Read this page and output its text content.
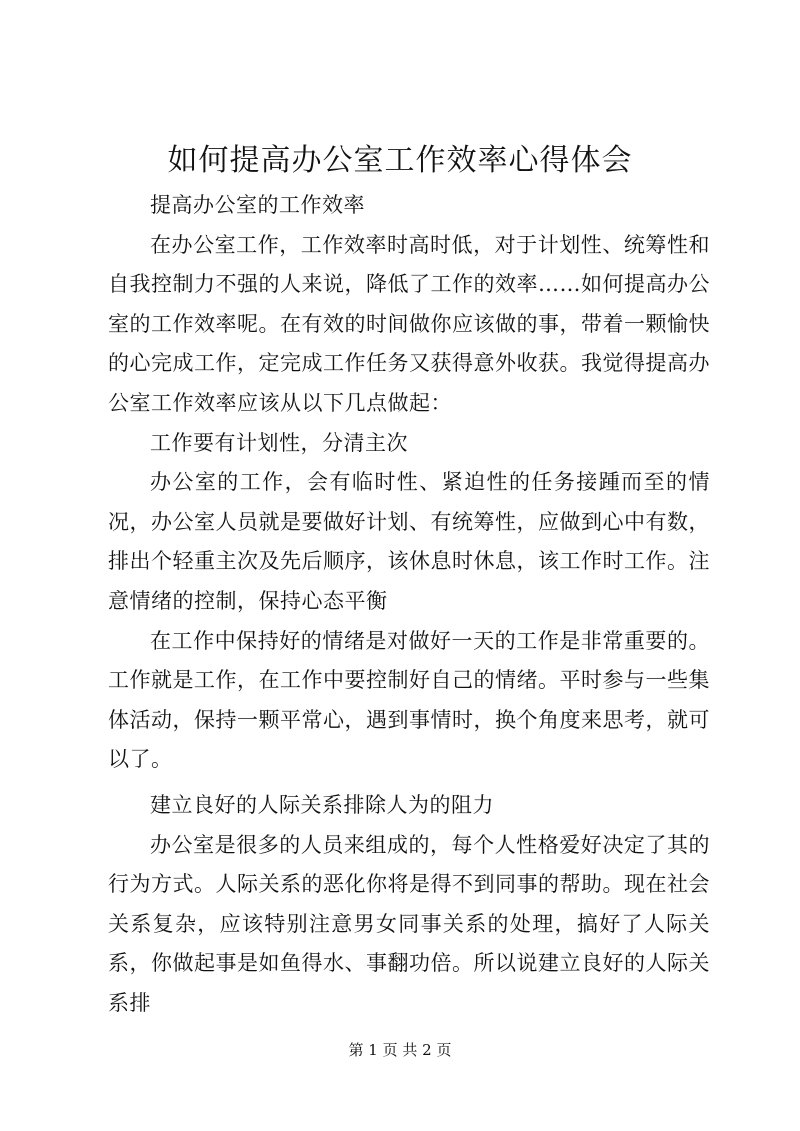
如何提高办公室工作效率心得体会

提高办公室的工作效率

在办公室工作，工作效率时高时低，对于计划性、统筹性和自我控制力不强的人来说，降低了工作的效率……如何提高办公室的工作效率呢。在有效的时间做你应该做的事，带着一颗愉快的心完成工作，定完成工作任务又获得意外收获。我觉得提高办公室工作效率应该从以下几点做起：

工作要有计划性，分清主次

办公室的工作，会有临时性、紧迫性的任务接踵而至的情况，办公室人员就是要做好计划、有统筹性，应做到心中有数，排出个轻重主次及先后顺序，该休息时休息，该工作时工作。注意情绪的控制，保持心态平衡

在工作中保持好的情绪是对做好一天的工作是非常重要的。工作就是工作，在工作中要控制好自己的情绪。平时参与一些集体活动，保持一颗平常心，遇到事情时，换个角度来思考，就可以了。

建立良好的人际关系排除人为的阻力

办公室是很多的人员来组成的，每个人性格爱好决定了其的行为方式。人际关系的恶化你将是得不到同事的帮助。现在社会关系复杂，应该特别注意男女同事关系的处理，搞好了人际关系，你做起事是如鱼得水、事翻功倍。所以说建立良好的人际关系排

第 1 页 共 2 页
